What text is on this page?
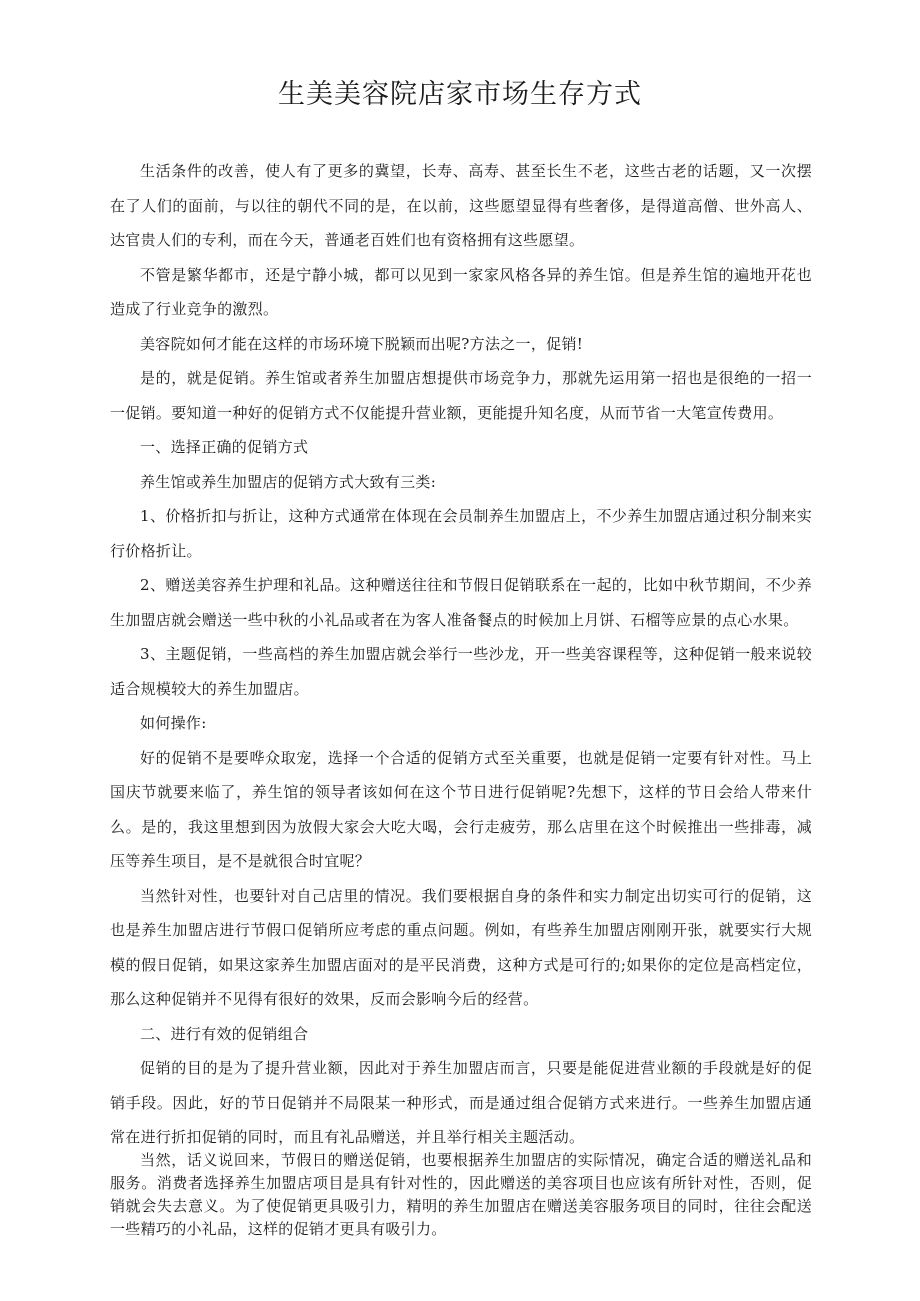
生美美容院店家市场生存方式

生活条件的改善，使人有了更多的冀望，长寿、高寿、甚至长生不老，这些古老的话题，又一次摆在了人们的面前，与以往的朝代不同的是，在以前，这些愿望显得有些奢侈，是得道高僧、世外高人、达官贵人们的专利，而在今天，普通老百姓们也有资格拥有这些愿望。

不管是繁华都市，还是宁静小城，都可以见到一家家风格各异的养生馆。但是养生馆的遍地开花也造成了行业竞争的激烈。

美容院如何才能在这样的市场环境下脱颖而出呢?方法之一，促销!

是的，就是促销。养生馆或者养生加盟店想提供市场竞争力，那就先运用第一招也是很绝的一招一一促销。要知道一种好的促销方式不仅能提升营业额，更能提升知名度，从而节省一大笔宣传费用。

一、选择正确的促销方式

养生馆或养生加盟店的促销方式大致有三类:

1、价格折扣与折让，这种方式通常在体现在会员制养生加盟店上，不少养生加盟店通过积分制来实行价格折让。

2、赠送美容养生护理和礼品。这种赠送往往和节假日促销联系在一起的，比如中秋节期间，不少养生加盟店就会赠送一些中秋的小礼品或者在为客人准备餐点的时候加上月饼、石榴等应景的点心水果。

3、主题促销，一些高档的养生加盟店就会举行一些沙龙，开一些美容课程等，这种促销一般来说较适合规模较大的养生加盟店。

如何操作:

好的促销不是要哗众取宠，选择一个合适的促销方式至关重要，也就是促销一定要有针对性。马上国庆节就要来临了，养生馆的领导者该如何在这个节日进行促销呢?先想下，这样的节日会给人带来什么。是的，我这里想到因为放假大家会大吃大喝，会行走疲劳，那么店里在这个时候推出一些排毒，减压等养生项目，是不是就很合时宜呢？

当然针对性，也要针对自己店里的情况。我们要根据自身的条件和实力制定出切实可行的促销，这也是养生加盟店进行节假口促销所应考虑的重点问题。例如，有些养生加盟店刚刚开张，就要实行大规模的假日促销，如果这家养生加盟店面对的是平民消费，这种方式是可行的;如果你的定位是高档定位，那么这种促销并不见得有很好的效果，反而会影响今后的经营。

二、进行有效的促销组合

促销的目的是为了提升营业额，因此对于养生加盟店而言，只要是能促进营业额的手段就是好的促销手段。因此，好的节日促销并不局限某一种形式，而是通过组合促销方式来进行。一些养生加盟店通常在进行折扣促销的同时，而且有礼品赠送，并且举行相关主题活动。

当然，话义说回来，节假日的赠送促销，也要根据养生加盟店的实际情况，确定合适的赠送礼品和服务。消费者选择养生加盟店项目是具有针对性的，因此赠送的美容项目也应该有所针对性，否则，促销就会失去意义。为了使促销更具吸引力，精明的养生加盟店在赠送美容服务项目的同时，往往会配送一些精巧的小礼品，这样的促销才更具有吸引力。
